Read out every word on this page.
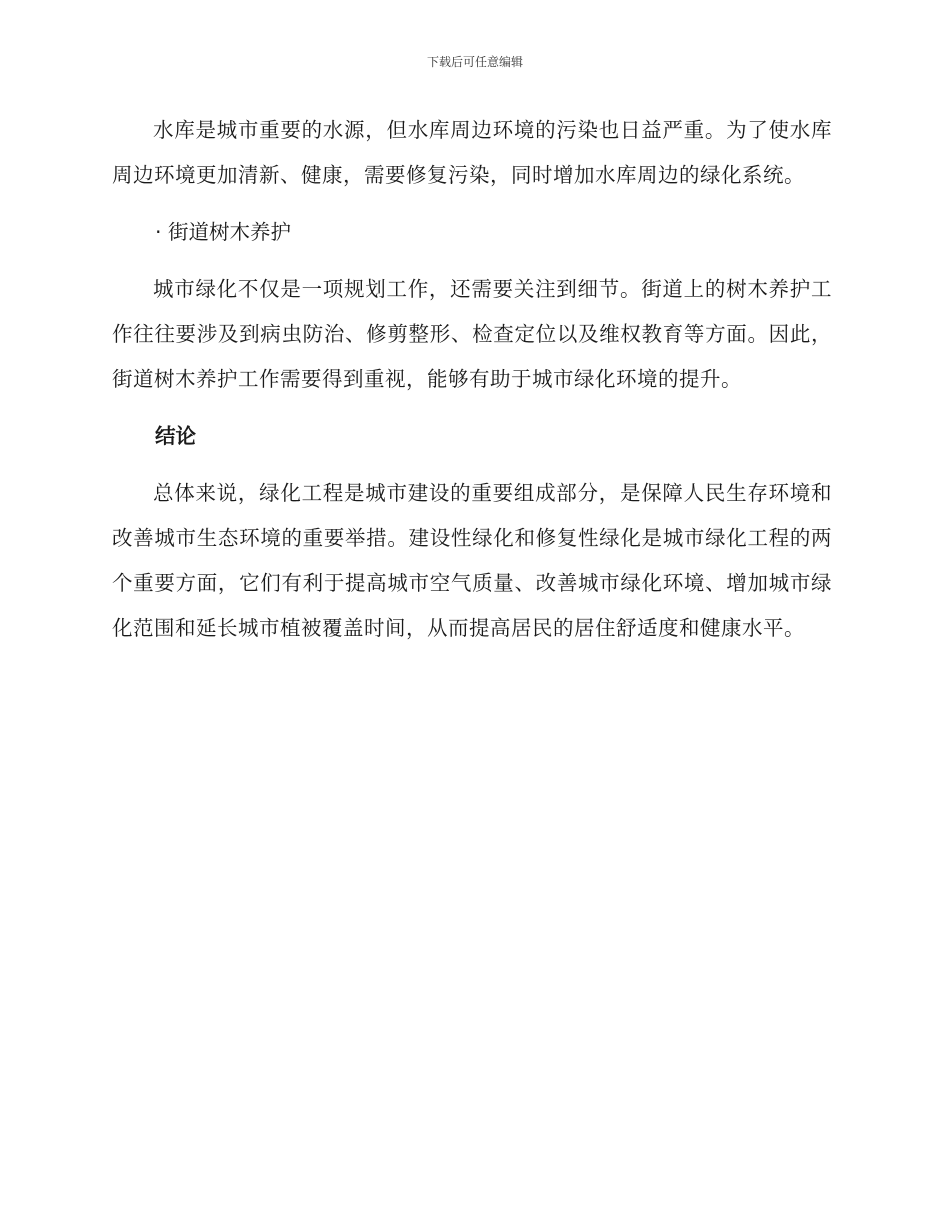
下载后可任意编辑

水库是城市重要的水源，但水库周边环境的污染也日益严重。为了使水库周边环境更加清新、健康，需要修复污染，同时增加水库周边的绿化系统。

· 街道树木养护

城市绿化不仅是一项规划工作，还需要关注到细节。街道上的树木养护工作往往要涉及到病虫防治、修剪整形、检查定位以及维权教育等方面。因此，街道树木养护工作需要得到重视，能够有助于城市绿化环境的提升。

结论

总体来说，绿化工程是城市建设的重要组成部分，是保障人民生存环境和改善城市生态环境的重要举措。建设性绿化和修复性绿化是城市绿化工程的两个重要方面，它们有利于提高城市空气质量、改善城市绿化环境、增加城市绿化范围和延长城市植被覆盖时间，从而提高居民的居住舒适度和健康水平。
